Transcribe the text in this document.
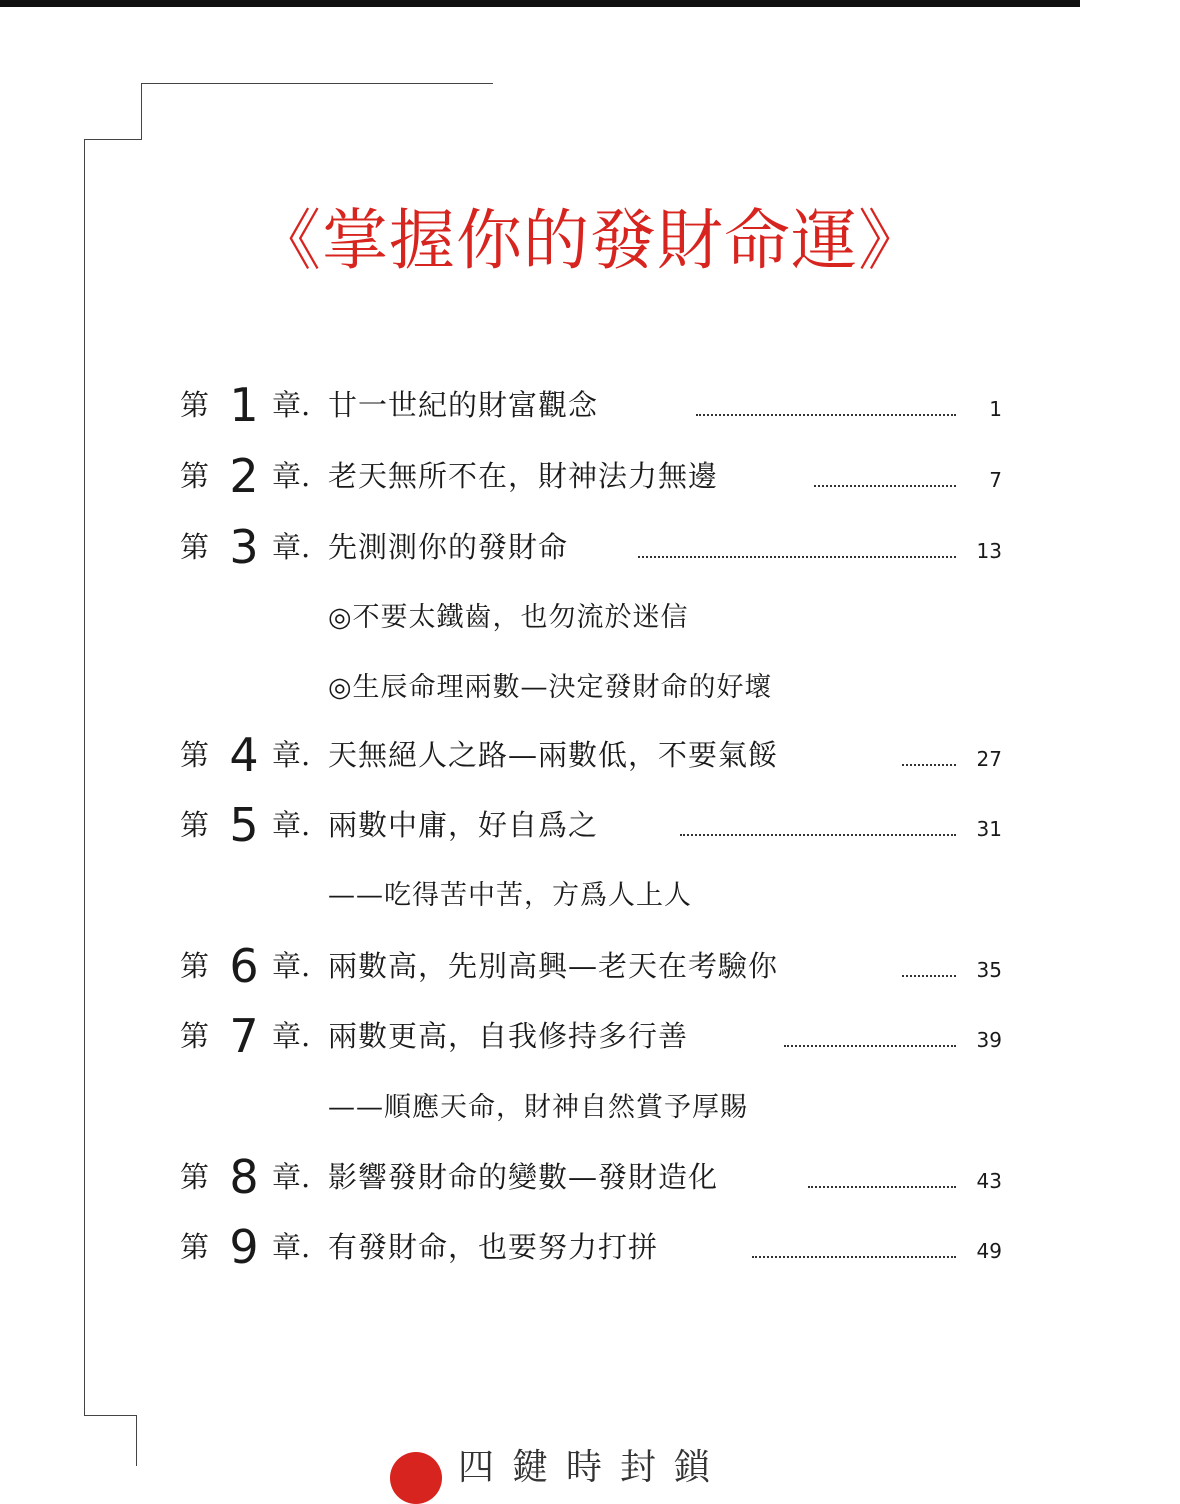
《掌握你的發財命運》
第 1 章. 廿一世紀的財富觀念	1
第 2 章. 老天無所不在，財神法力無邊	7
第 3 章. 先測測你的發財命	13
◎不要太鐵齒，也勿流於迷信
◎生辰命理兩數—決定發財命的好壞
第 4 章. 天無絕人之路—兩數低，不要氣餒	27
第 5 章. 兩數中庸，好自爲之	31
——吃得苦中苦，方爲人上人
第 6 章. 兩數高，先別高興—老天在考驗你	35
第 7 章. 兩數更高，自我修持多行善	39
——順應天命，財神自然賞予厚賜
第 8 章. 影響發財命的變數—發財造化	43
第 9 章. 有發財命，也要努力打拼	49
四鍵時封鎖
